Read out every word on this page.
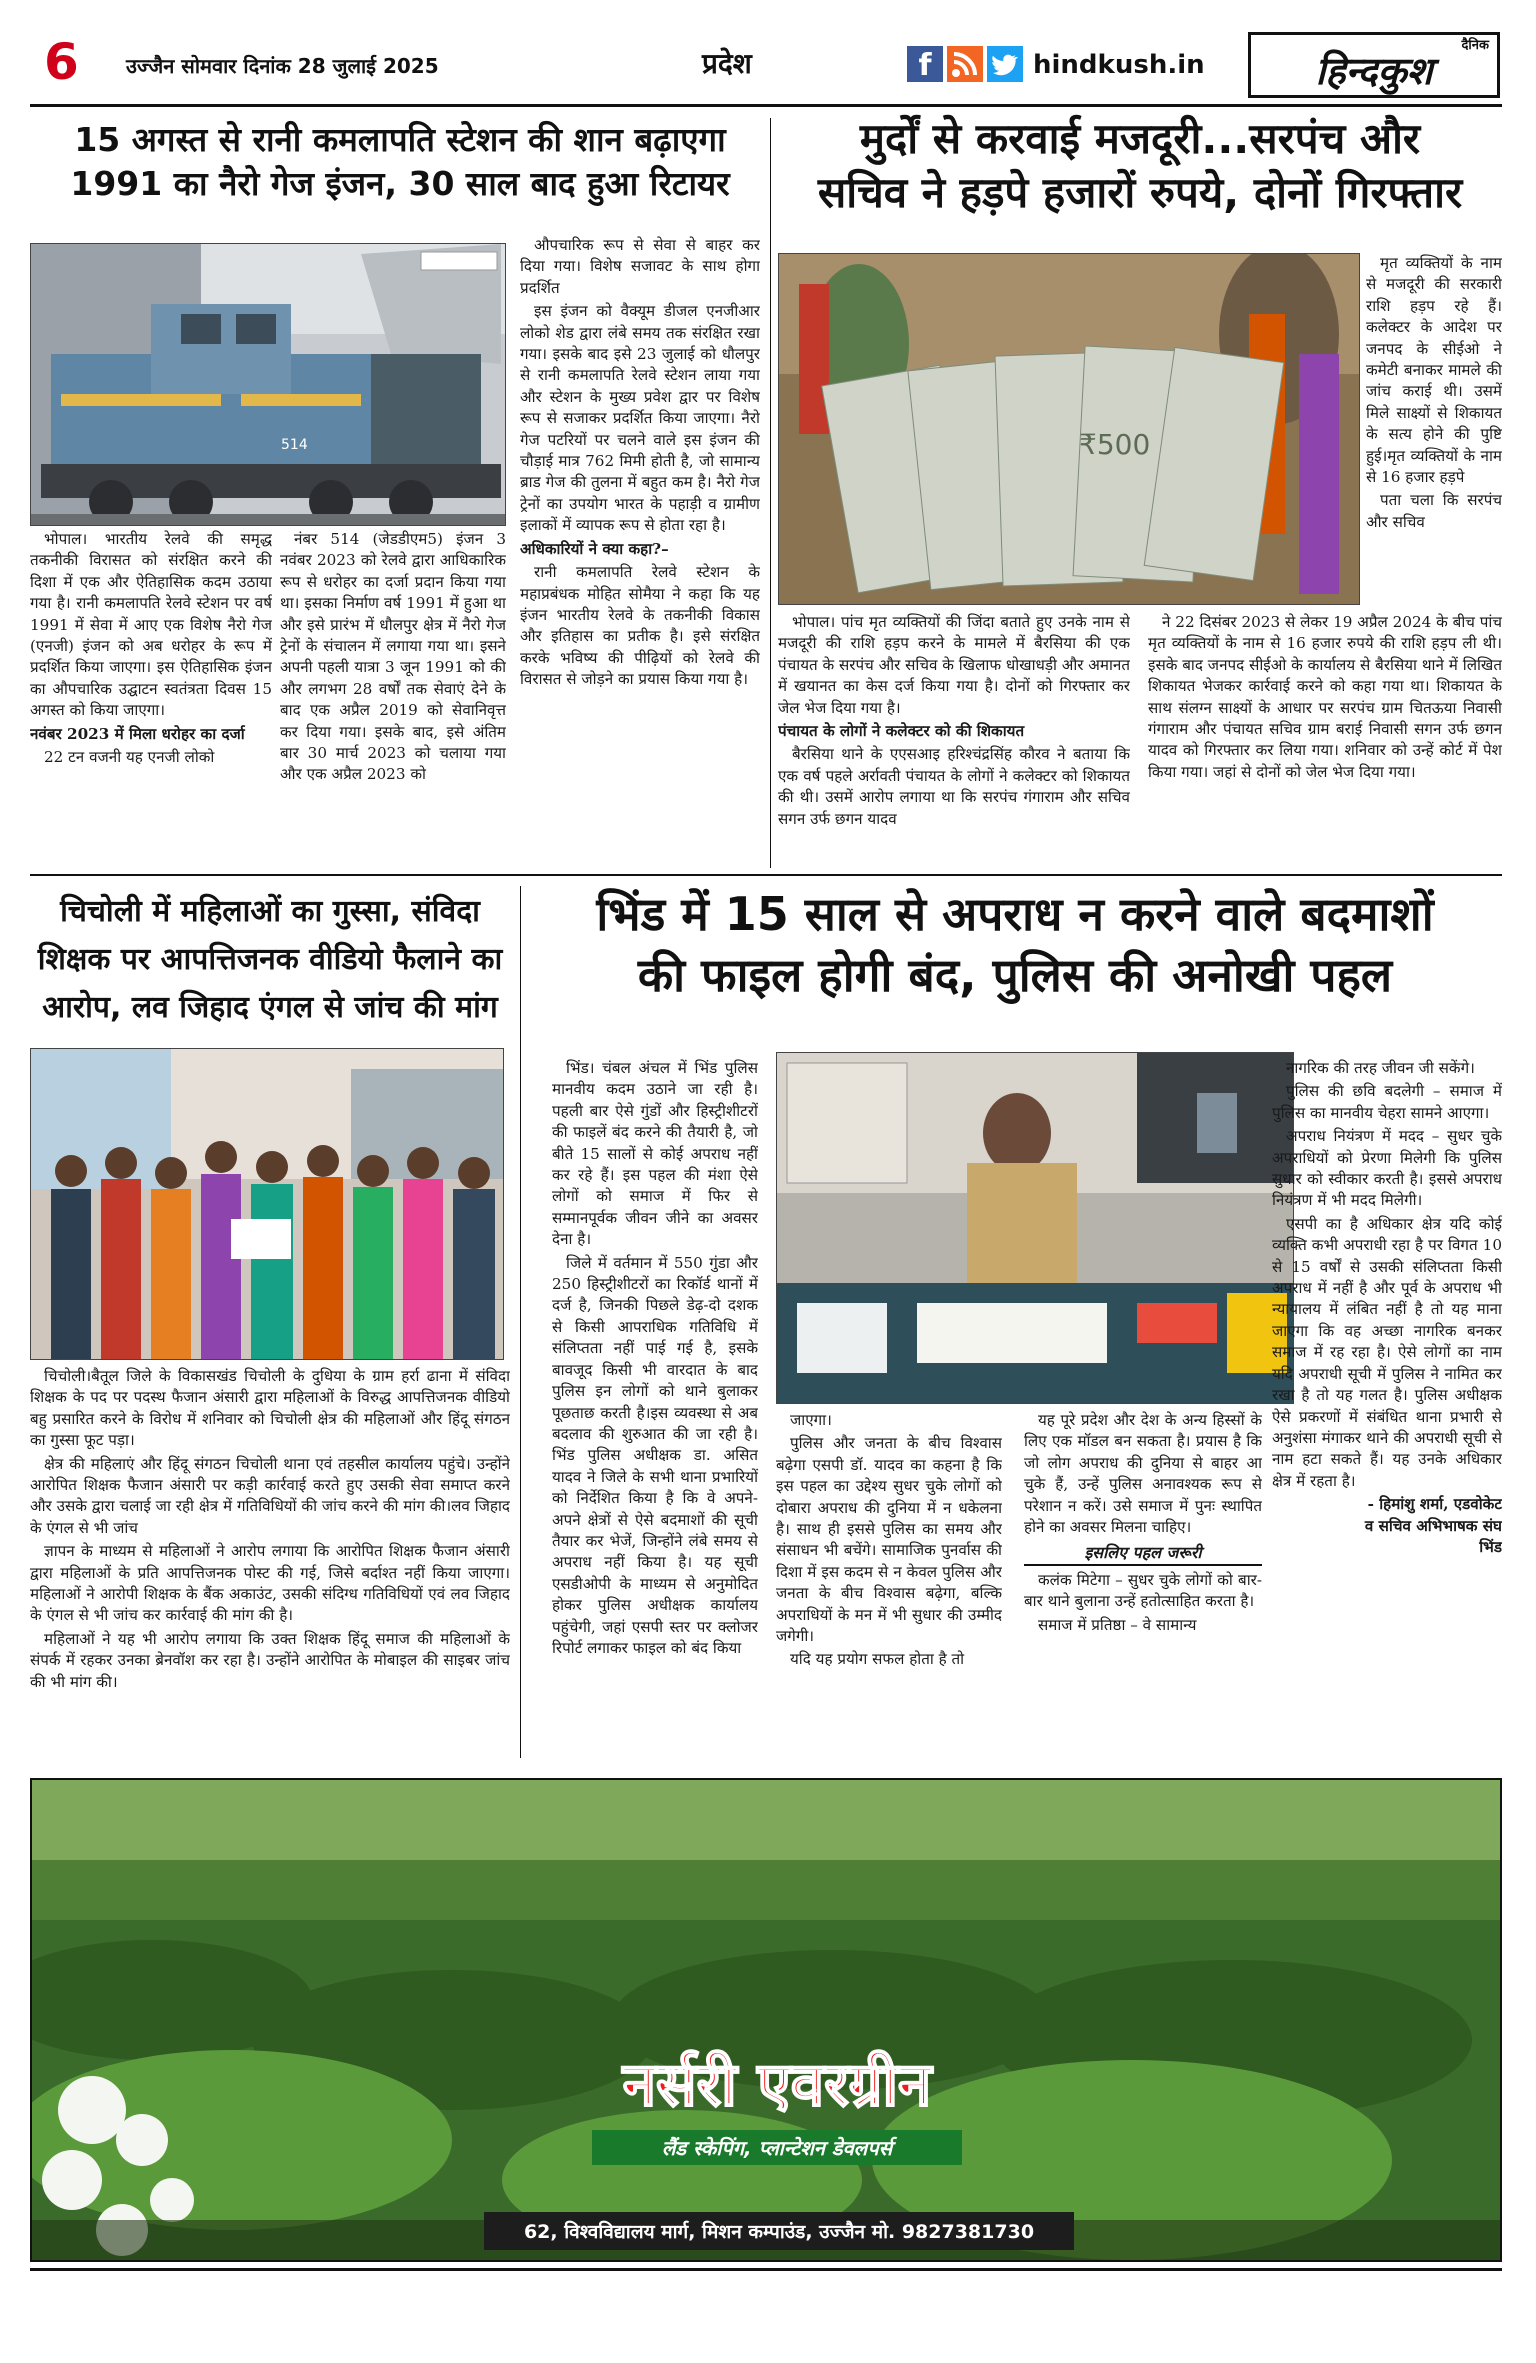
6 उज्जैन सोमवार दिनांक 28 जुलाई 2025	प्रदेश	f	hindkush.in
दैनिक
हिन्दकुश
15 अगस्त से रानी कमलापति स्टेशन की शान बढ़ाएगा
1991 का नैरो गेज इंजन, 30 साल बाद हुआ रिटायर
514

भोपाल। भारतीय रेलवे की समृद्ध तकनीकी विरासत को संरक्षित करने की दिशा में एक और ऐतिहासिक कदम उठाया गया है। रानी कमलापति रेलवे स्टेशन पर वर्ष 1991 में सेवा में आए एक विशेष नैरो गेज (एनजी) इंजन को अब धरोहर के रूप में प्रदर्शित किया जाएगा। इस ऐतिहासिक इंजन का औपचारिक उद्घाटन स्वतंत्रता दिवस 15 अगस्त को किया जाएगा।

नवंबर 2023 में मिला धरोहर का दर्जा

22 टन वजनी यह एनजी लोको

नंबर 514 (जेडडीएम5) इंजन 3 नवंबर 2023 को रेलवे द्वारा आधिकारिक रूप से धरोहर का दर्जा प्रदान किया गया था। इसका निर्माण वर्ष 1991 में हुआ था और इसे प्रारंभ में धौलपुर क्षेत्र में नैरो गेज ट्रेनों के संचालन में लगाया गया था। इसने अपनी पहली यात्रा 3 जून 1991 को की और लगभग 28 वर्षों तक सेवाएं देने के बाद एक अप्रैल 2019 को सेवानिवृत्त कर दिया गया। इसके बाद, इसे अंतिम बार 30 मार्च 2023 को चलाया गया और एक अप्रैल 2023 को

औपचारिक रूप से सेवा से बाहर कर दिया गया। विशेष सजावट के साथ होगा प्रदर्शित

इस इंजन को वैक्यूम डीजल एनजीआर लोको शेड द्वारा लंबे समय तक संरक्षित रखा गया। इसके बाद इसे 23 जुलाई को धौलपुर से रानी कमलापति रेलवे स्टेशन लाया गया और स्टेशन के मुख्य प्रवेश द्वार पर विशेष रूप से सजाकर प्रदर्शित किया जाएगा। नैरो गेज पटरियों पर चलने वाले इस इंजन की चौड़ाई मात्र 762 मिमी होती है, जो सामान्य ब्राड गेज की तुलना में बहुत कम है। नैरो गेज ट्रेनों का उपयोग भारत के पहाड़ी व ग्रामीण इलाकों में व्यापक रूप से होता रहा है।

अधिकारियों ने क्या कहा?–

रानी कमलापति रेलवे स्टेशन के महाप्रबंधक मोहित सोमैया ने कहा कि यह इंजन भारतीय रेलवे के तकनीकी विकास और इतिहास का प्रतीक है। इसे संरक्षित करके भविष्य की पीढ़ियों को रेलवे की विरासत से जोड़ने का प्रयास किया गया है।

मुर्दों से करवाई मजदूरी...सरपंच और
सचिव ने हड़पे हजारों रुपये, दोनों गिरफ्तार
₹500

मृत व्यक्तियों के नाम से मजदूरी की सरकारी राशि हड़प रहे हैं। कलेक्टर के आदेश पर जनपद के सीईओ ने कमेटी बनाकर मामले की जांच कराई थी। उसमें मिले साक्ष्यों से शिकायत के सत्य होने की पुष्टि हुई।मृत व्यक्तियों के नाम से 16 हजार हड़पे

पता चला कि सरपंच और सचिव

भोपाल। पांच मृत व्यक्तियों की जिंदा बताते हुए उनके नाम से मजदूरी की राशि हड़प करने के मामले में बैरसिया की एक पंचायत के सरपंच और सचिव के खिलाफ धोखाधड़ी और अमानत में खयानत का केस दर्ज किया गया है। दोनों को गिरफ्तार कर जेल भेज दिया गया है।

पंचायत के लोगों ने कलेक्टर को की शिकायत

बैरसिया थाने के एएसआइ हरिश्चंद्रसिंह कौरव ने बताया कि एक वर्ष पहले अर्रावती पंचायत के लोगों ने कलेक्टर को शिकायत की थी। उसमें आरोप लगाया था कि सरपंच गंगाराम और सचिव सगन उर्फ छगन यादव

ने 22 दिसंबर 2023 से लेकर 19 अप्रैल 2024 के बीच पांच मृत व्यक्तियों के नाम से 16 हजार रुपये की राशि हड़प ली थी। इसके बाद जनपद सीईओ के कार्यालय से बैरसिया थाने में लिखित शिकायत भेजकर कार्रवाई करने को कहा गया था। शिकायत के साथ संलग्न साक्ष्यों के आधार पर सरपंच ग्राम चितऊया निवासी गंगाराम और पंचायत सचिव ग्राम बराई निवासी सगन उर्फ छगन यादव को गिरफ्तार कर लिया गया। शनिवार को उन्हें कोर्ट में पेश किया गया। जहां से दोनों को जेल भेज दिया गया।

चिचोली में महिलाओं का गुस्सा, संविदा
शिक्षक पर आपत्तिजनक वीडियो फैलाने का
आरोप, लव जिहाद एंगल से जांच की मांग

चिचोली।बैतूल जिले के विकासखंड चिचोली के दुधिया के ग्राम हर्रा ढाना में संविदा शिक्षक के पद पर पदस्थ फैजान अंसारी द्वारा महिलाओं के विरुद्ध आपत्तिजनक वीडियो बहु प्रसारित करने के विरोध में शनिवार को चिचोली क्षेत्र की महिलाओं और हिंदू संगठन का गुस्सा फूट पड़ा।

क्षेत्र की महिलाएं और हिंदू संगठन चिचोली थाना एवं तहसील कार्यालय पहुंचे। उन्होंने आरोपित शिक्षक फैजान अंसारी पर कड़ी कार्रवाई करते हुए उसकी सेवा समाप्त करने और उसके द्वारा चलाई जा रही क्षेत्र में गतिविधियों की जांच करने की मांग की।लव जिहाद के एंगल से भी जांच

ज्ञापन के माध्यम से महिलाओं ने आरोप लगाया कि आरोपित शिक्षक फैजान अंसारी द्वारा महिलाओं के प्रति आपत्तिजनक पोस्ट की गई, जिसे बर्दाश्त नहीं किया जाएगा। महिलाओं ने आरोपी शिक्षक के बैंक अकाउंट, उसकी संदिग्ध गतिविधियों एवं लव जिहाद के एंगल से भी जांच कर कार्रवाई की मांग की है।

महिलाओं ने यह भी आरोप लगाया कि उक्त शिक्षक हिंदू समाज की महिलाओं के संपर्क में रहकर उनका ब्रेनवॉश कर रहा है। उन्होंने आरोपित के मोबाइल की साइबर जांच की भी मांग की।

भिंड में 15 साल से अपराध न करने वाले बदमाशों
की फाइल होगी बंद, पुलिस की अनोखी पहल

भिंड। चंबल अंचल में भिंड पुलिस मानवीय कदम उठाने जा रही है। पहली बार ऐसे गुंडों और हिस्ट्रीशीटरों की फाइलें बंद करने की तैयारी है, जो बीते 15 सालों से कोई अपराध नहीं कर रहे हैं। इस पहल की मंशा ऐसे लोगों को समाज में फिर से सम्मानपूर्वक जीवन जीने का अवसर देना है।

जिले में वर्तमान में 550 गुंडा और 250 हिस्ट्रीशीटरों का रिकॉर्ड थानों में दर्ज है, जिनकी पिछले डेढ़-दो दशक से किसी आपराधिक गतिविधि में संलिप्तता नहीं पाई गई है, इसके बावजूद किसी भी वारदात के बाद पुलिस इन लोगों को थाने बुलाकर पूछताछ करती है।इस व्यवस्था से अब बदलाव की शुरुआत की जा रही है। भिंड पुलिस अधीक्षक डा. असित यादव ने जिले के सभी थाना प्रभारियों को निर्देशित किया है कि वे अपने-अपने क्षेत्रों से ऐसे बदमाशों की सूची तैयार कर भेजें, जिन्होंने लंबे समय से अपराध नहीं किया है। यह सूची एसडीओपी के माध्यम से अनुमोदित होकर पुलिस अधीक्षक कार्यालय पहुंचेगी, जहां एसपी स्तर पर क्लोजर रिपोर्ट लगाकर फाइल को बंद किया

जाएगा।

पुलिस और जनता के बीच विश्वास बढ़ेगा एसपी डॉ. यादव का कहना है कि इस पहल का उद्देश्य सुधर चुके लोगों को दोबारा अपराध की दुनिया में न धकेलना है। साथ ही इससे पुलिस का समय और संसाधन भी बचेंगे। सामाजिक पुनर्वास की दिशा में इस कदम से न केवल पुलिस और जनता के बीच विश्वास बढ़ेगा, बल्कि अपराधियों के मन में भी सुधार की उम्मीद जगेगी।

यदि यह प्रयोग सफल होता है तो

यह पूरे प्रदेश और देश के अन्य हिस्सों के लिए एक मॉडल बन सकता है। प्रयास है कि जो लोग अपराध की दुनिया से बाहर आ चुके हैं, उन्हें पुलिस अनावश्यक रूप से परेशान न करें। उसे समाज में पुनः स्थापित होने का अवसर मिलना चाहिए।

इसलिए पहल जरूरी

कलंक मिटेगा – सुधर चुके लोगों को बार-बार थाने बुलाना उन्हें हतोत्साहित करता है।

समाज में प्रतिष्ठा – वे सामान्य

नागरिक की तरह जीवन जी सकेंगे।

पुलिस की छवि बदलेगी – समाज में पुलिस का मानवीय चेहरा सामने आएगा।

अपराध नियंत्रण में मदद – सुधर चुके अपराधियों को प्रेरणा मिलेगी कि पुलिस सुधार को स्वीकार करती है। इससे अपराध नियंत्रण में भी मदद मिलेगी।

एसपी का है अधिकार क्षेत्र यदि कोई व्यक्ति कभी अपराधी रहा है पर विगत 10 से 15 वर्षों से उसकी संलिप्तता किसी अपराध में नहीं है और पूर्व के अपराध भी न्यायालय में लंबित नहीं है तो यह माना जाएगा कि वह अच्छा नागरिक बनकर समाज में रह रहा है। ऐसे लोगों का नाम यदि अपराधी सूची में पुलिस ने नामित कर रखा है तो यह गलत है। पुलिस अधीक्षक ऐसे प्रकरणों में संबंधित थाना प्रभारी से अनुशंसा मंगाकर थाने की अपराधी सूची से नाम हटा सकते हैं। यह उनके अधिकार क्षेत्र में रहता है।

- हिमांशु शर्मा, एडवोकेट
व सचिव अभिभाषक संघ
भिंड
नर्सरी एवरग्रीन
लैंड स्केपिंग, प्लान्टेशन डेवलपर्स
62, विश्वविद्यालय मार्ग, मिशन कम्पाउंड, उज्जैन मो. 9827381730
